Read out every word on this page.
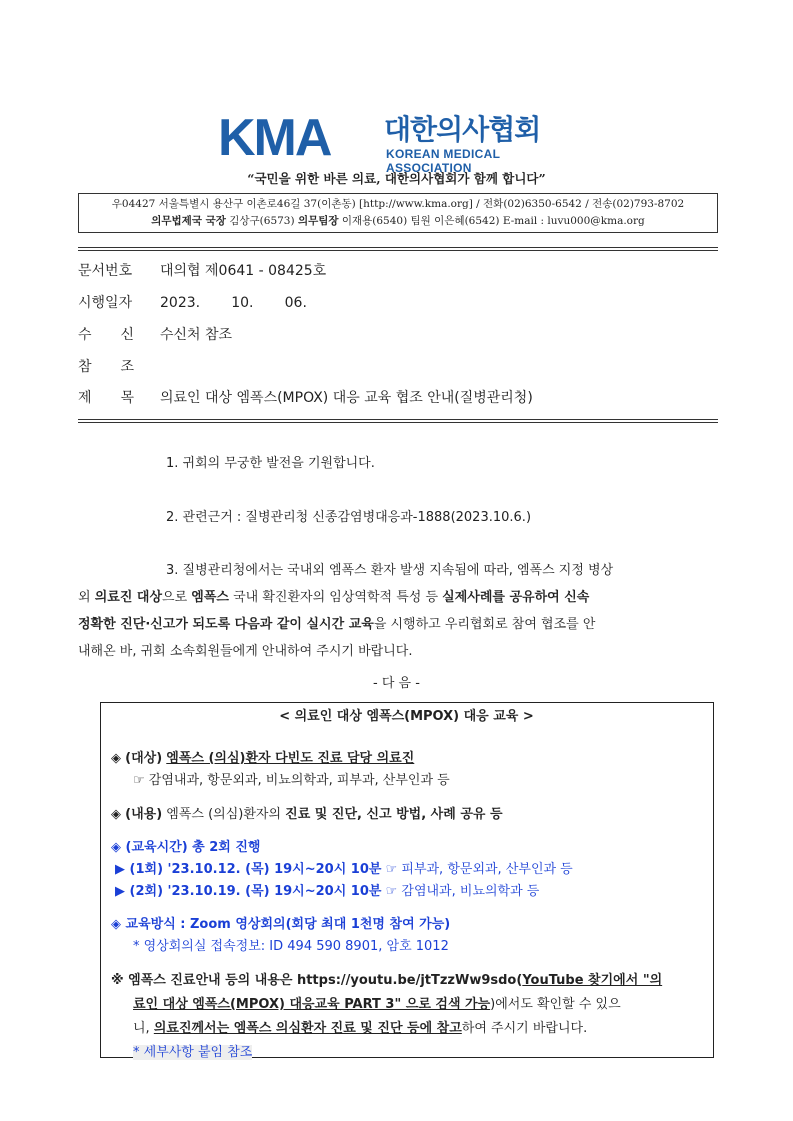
KMA 대한의사협회
KOREAN MEDICAL ASSOCIATION
“국민을 위한 바른 의료, 대한의사협회가 함께 합니다”
우04427 서울특별시 용산구 이촌로46길 37(이촌동) [http://www.kma.org] / 전화(02)6350-6542 / 전송(02)793-8702
의무법제국 국장 김상구(6573) 의무팀장 이재용(6540) 팀원 이은혜(6542) E-mail : luvu000@kma.org
문서번호	대의협 제0641 - 08425호
시행일자	2023.       10.       06.
수 신 수신처 참조
참 조
제 목 의료인 대상 엠폭스(MPOX) 대응 교육 협조 안내(질병관리청)
1. 귀회의 무궁한 발전을 기원합니다.
2. 관련근거 : 질병관리청 신종감염병대응과-1888(2023.10.6.)
3. 질병관리청에서는 국내외 엠폭스 환자 발생 지속됨에 따라, 엠폭스 지정 병상
외 의료진 대상으로 엠폭스 국내 확진환자의 임상역학적 특성 등 실제사례를 공유하여 신속
정확한 진단·신고가 되도록 다음과 같이 실시간 교육을 시행하고 우리협회로 참여 협조를 안
내해온 바, 귀회 소속회원들에게 안내하여 주시기 바랍니다.
- 다 음 -
< 의료인 대상 엠폭스(MPOX) 대응 교육 >
◈ (대상) 엠폭스 (의심)환자 다빈도 진료 담당 의료진
☞ 감염내과, 항문외과, 비뇨의학과, 피부과, 산부인과 등
◈ (내용) 엠폭스 (의심)환자의 진료 및 진단, 신고 방법, 사례 공유 등
◈ (교육시간) 총 2회 진행
▶ (1회) '23.10.12. (목) 19시~20시 10분 ☞ 피부과, 항문외과, 산부인과 등
▶ (2회) '23.10.19. (목) 19시~20시 10분 ☞ 감염내과, 비뇨의학과 등
◈ 교육방식 : Zoom 영상회의(회당 최대 1천명 참여 가능)
* 영상회의실 접속정보: ID 494 590 8901, 암호 1012
※ 엠폭스 진료안내 등의 내용은 https://youtu.be/jtTzzWw9sdo(YouTube 찾기에서 "의
료인 대상 엠폭스(MPOX) 대응교육 PART 3" 으로 검색 가능)에서도 확인할 수 있으
니, 의료진께서는 엠폭스 의심환자 진료 및 진단 등에 참고하여 주시기 바랍니다.
* 세부사항 붙임 참조
